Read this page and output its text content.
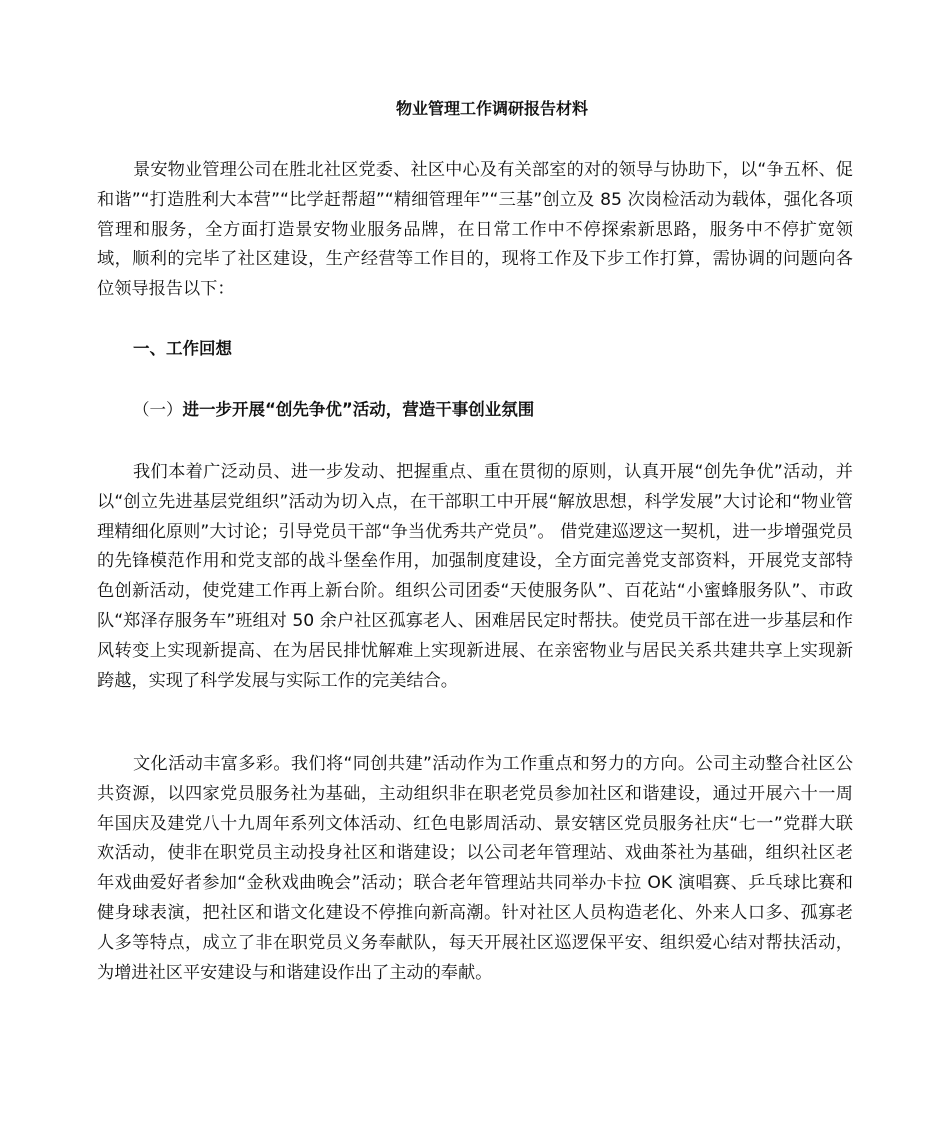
物业管理工作调研报告材料

景安物业管理公司在胜北社区党委、社区中心及有关部室的对的领导与协助下，以“争五杯、促和谐”“打造胜利大本营”“比学赶帮超”“精细管理年”“三基”创立及 85 次岗检活动为载体，强化各项管理和服务，全方面打造景安物业服务品牌，在日常工作中不停探索新思路，服务中不停扩宽领域，顺利的完毕了社区建设，生产经营等工作目的，现将工作及下步工作打算，需协调的问题向各位领导报告以下：

一、工作回想
（一）进一步开展“创先争优”活动，营造干事创业氛围

我们本着广泛动员、进一步发动、把握重点、重在贯彻的原则，认真开展“创先争优”活动，并以“创立先进基层党组织”活动为切入点，在干部职工中开展“解放思想，科学发展”大讨论和“物业管理精细化原则”大讨论；引导党员干部“争当优秀共产党员”。 借党建巡逻这一契机，进一步增强党员的先锋模范作用和党支部的战斗堡垒作用，加强制度建设，全方面完善党支部资料，开展党支部特色创新活动，使党建工作再上新台阶。组织公司团委“天使服务队”、百花站“小蜜蜂服务队”、市政队“郑泽存服务车”班组对 50 余户社区孤寡老人、困难居民定时帮扶。使党员干部在进一步基层和作风转变上实现新提高、在为居民排忧解难上实现新进展、在亲密物业与居民关系共建共享上实现新跨越，实现了科学发展与实际工作的完美结合。

文化活动丰富多彩。我们将“同创共建”活动作为工作重点和努力的方向。公司主动整合社区公共资源，以四家党员服务社为基础，主动组织非在职老党员参加社区和谐建设，通过开展六十一周年国庆及建党八十九周年系列文体活动、红色电影周活动、景安辖区党员服务社庆“七一”党群大联欢活动，使非在职党员主动投身社区和谐建设；以公司老年管理站、戏曲茶社为基础，组织社区老年戏曲爱好者参加“金秋戏曲晚会”活动；联合老年管理站共同举办卡拉 OK 演唱赛、乒乓球比赛和健身球表演，把社区和谐文化建设不停推向新高潮。针对社区人员构造老化、外来人口多、孤寡老人多等特点，成立了非在职党员义务奉献队，每天开展社区巡逻保平安、组织爱心结对帮扶活动，为增进社区平安建设与和谐建设作出了主动的奉献。
